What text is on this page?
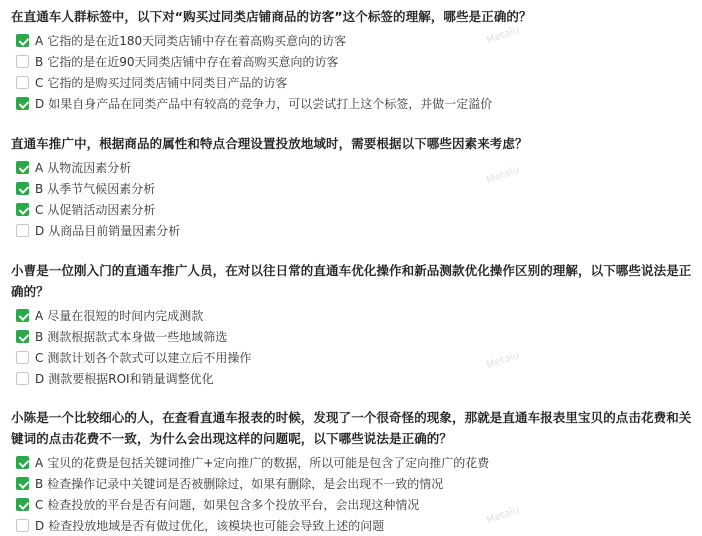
Metalu
Metalu
Metalu
Metalu
在直通车人群标签中，以下对“购买过同类店铺商品的访客”这个标签的理解，哪些是正确的？
A 它指的是在近180天同类店铺中存在着高购买意向的访客
B 它指的是在近90天同类店铺中存在着高购买意向的访客
C 它指的是购买过同类店铺中同类目产品的访客
D 如果自身产品在同类产品中有较高的竞争力，可以尝试打上这个标签，并做一定溢价
直通车推广中，根据商品的属性和特点合理设置投放地域时，需要根据以下哪些因素来考虑？
A 从物流因素分析
B 从季节气候因素分析
C 从促销活动因素分析
D 从商品目前销量因素分析
小曹是一位刚入门的直通车推广人员，在对以往日常的直通车优化操作和新品测款优化操作区别的理解，以下哪些说法是正确的？
A 尽量在很短的时间内完成测款
B 测款根据款式本身做一些地域筛选
C 测款计划各个款式可以建立后不用操作
D 测款要根据ROI和销量调整优化
小陈是一个比较细心的人，在查看直通车报表的时候，发现了一个很奇怪的现象，那就是直通车报表里宝贝的点击花费和关键词的点击花费不一致，为什么会出现这样的问题呢，以下哪些说法是正确的？
A 宝贝的花费是包括关键词推广+定向推广的数据，所以可能是包含了定向推广的花费
B 检查操作记录中关键词是否被删除过，如果有删除，是会出现不一致的情况
C 检查投放的平台是否有问题，如果包含多个投放平台，会出现这种情况
D 检查投放地域是否有做过优化，该模块也可能会导致上述的问题
